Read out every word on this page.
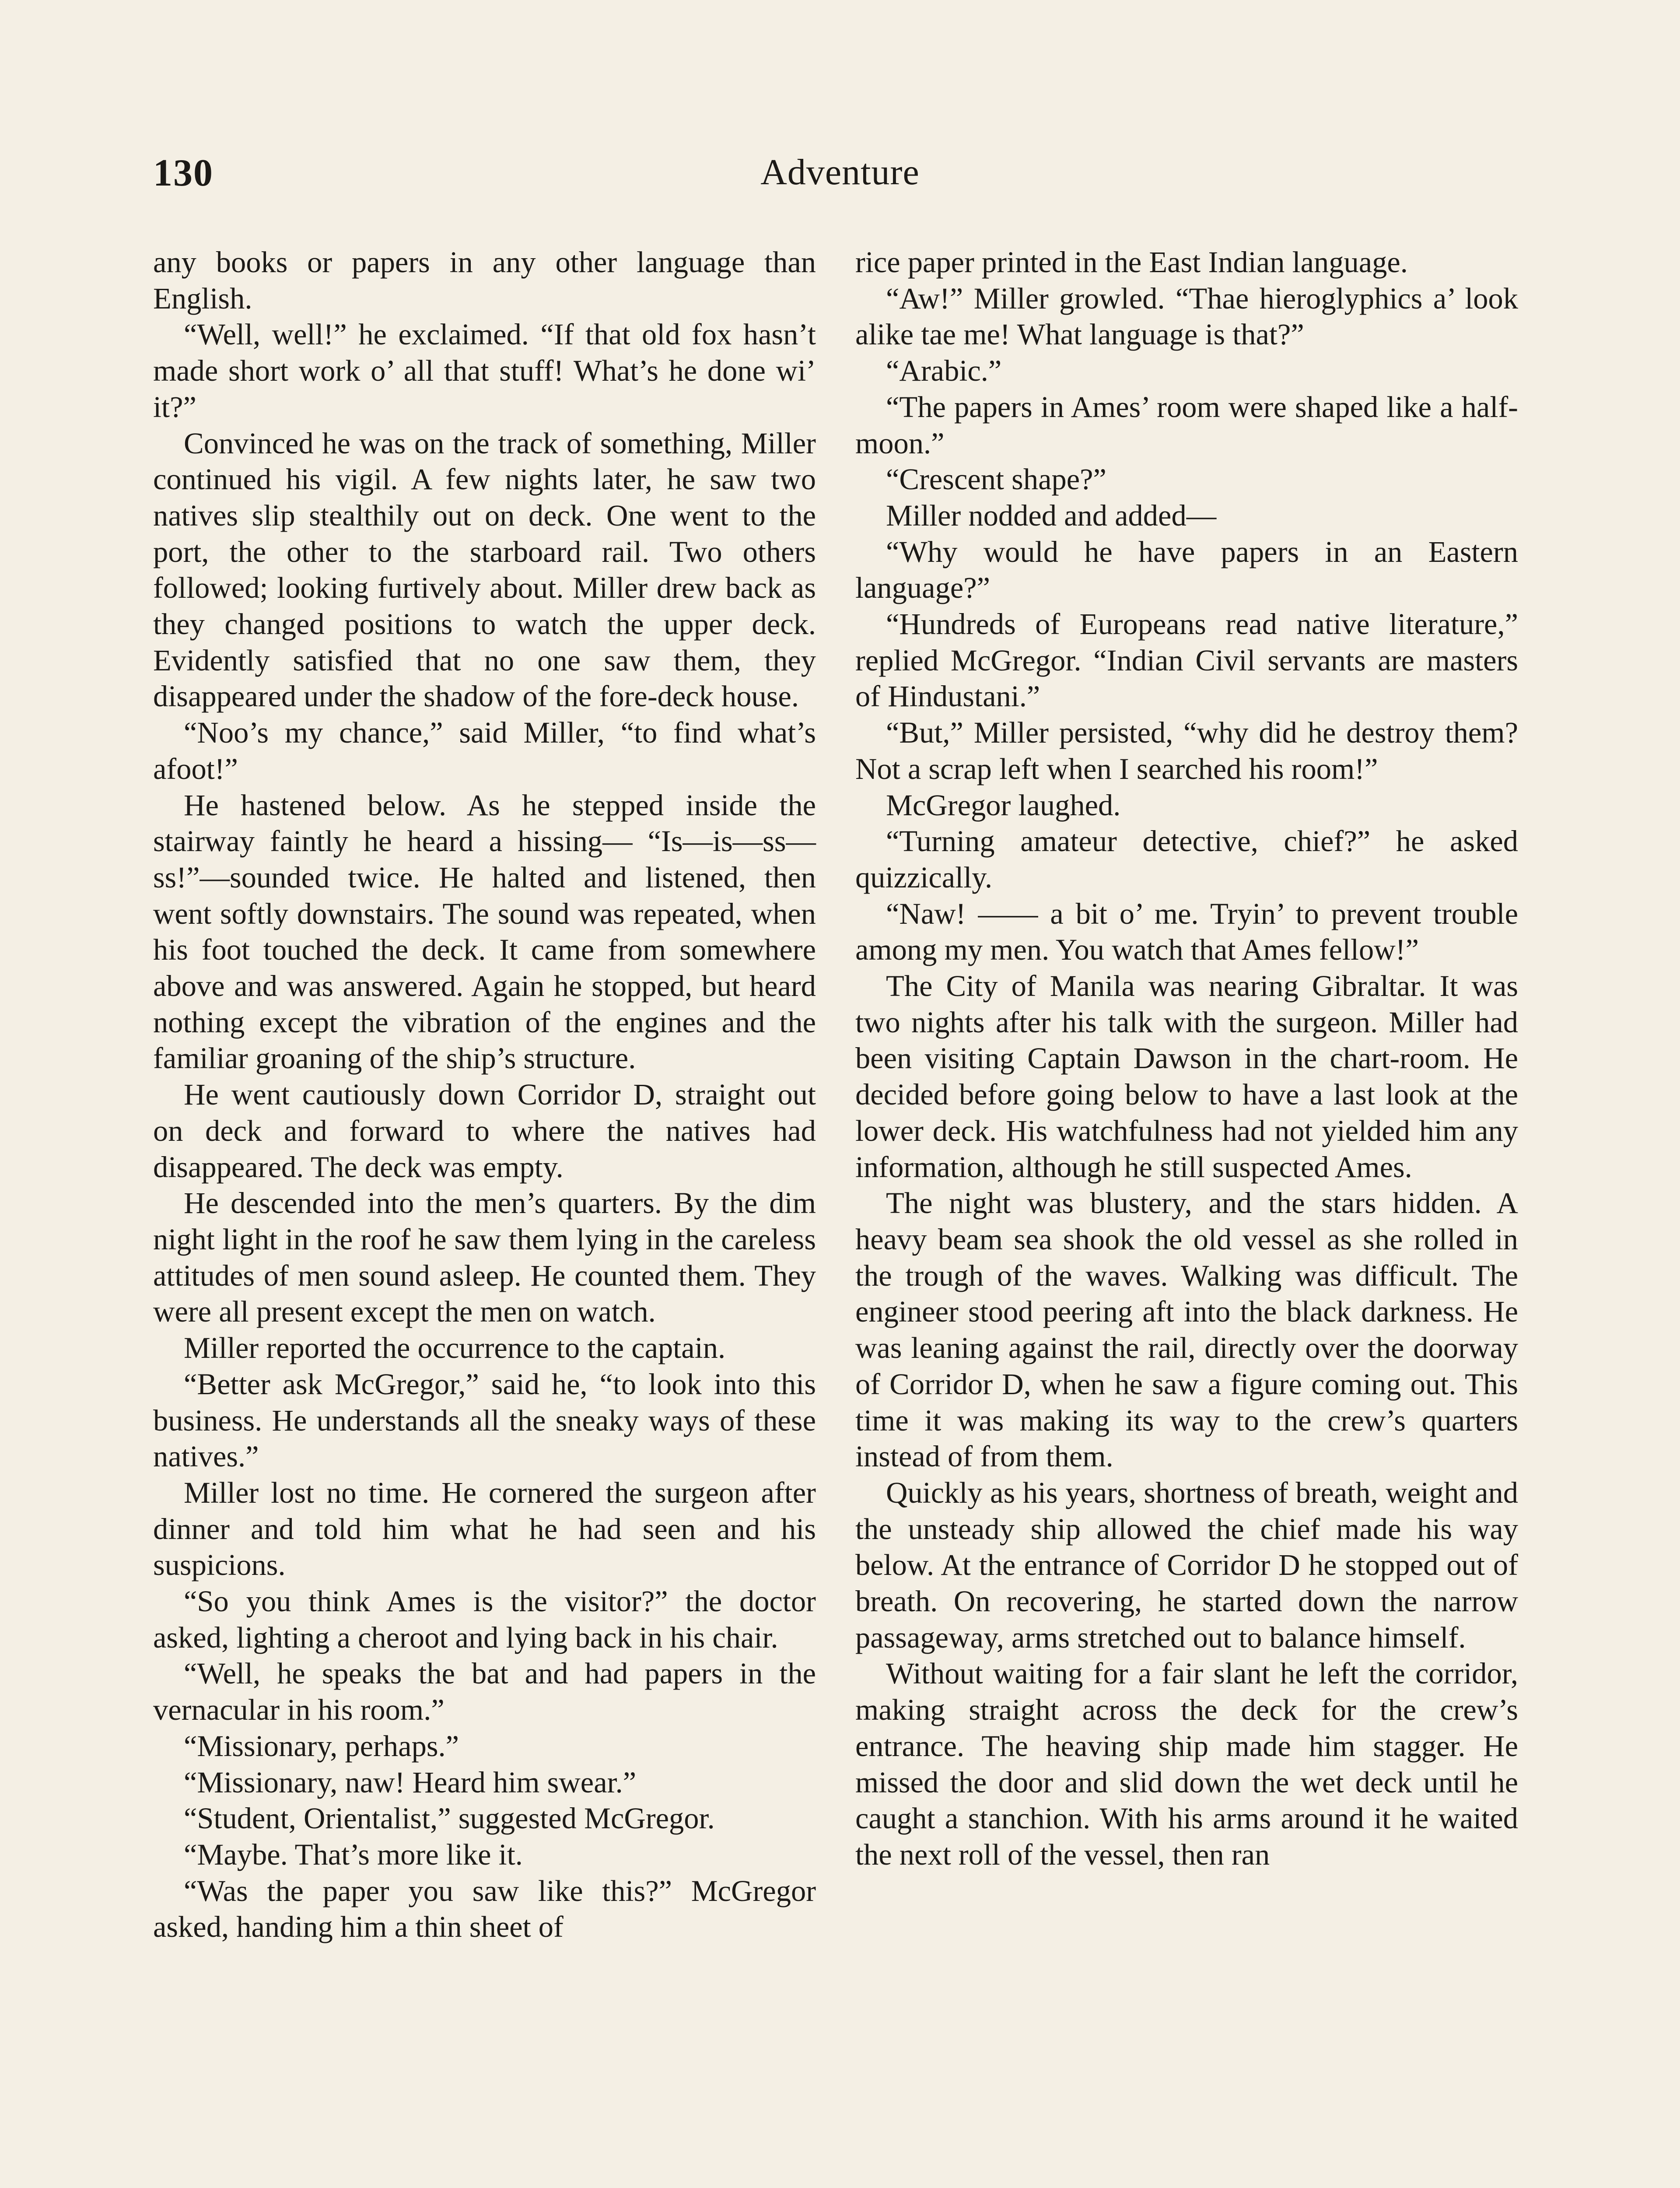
130	Adventure

any books or papers in any other language than English.

“Well, well!” he exclaimed. “If that old fox hasn’t made short work o’ all that stuff! What’s he done wi’ it?”

Convinced he was on the track of something, Miller continued his vigil. A few nights later, he saw two natives slip stealthily out on deck. One went to the port, the other to the starboard rail. Two others followed; looking furtively about. Miller drew back as they changed positions to watch the upper deck. Evidently satisfied that no one saw them, they disappeared under the shadow of the fore-deck house.

“Noo’s my chance,” said Miller, “to find what’s afoot!”

He hastened below. As he stepped inside the stairway faintly he heard a hissing— “Is—is—ss—ss!”—sounded twice. He halted and listened, then went softly downstairs. The sound was repeated, when his foot touched the deck. It came from somewhere above and was answered. Again he stopped, but heard nothing except the vibration of the engines and the familiar groaning of the ship’s structure.

He went cautiously down Corridor D, straight out on deck and forward to where the natives had disappeared. The deck was empty.

He descended into the men’s quarters. By the dim night light in the roof he saw them lying in the careless attitudes of men sound asleep. He counted them. They were all present except the men on watch.

Miller reported the occurrence to the captain.

“Better ask McGregor,” said he, “to look into this business. He understands all the sneaky ways of these natives.”

Miller lost no time. He cornered the surgeon after dinner and told him what he had seen and his suspicions.

“So you think Ames is the visitor?” the doctor asked, lighting a cheroot and lying back in his chair.

“Well, he speaks the bat and had papers in the vernacular in his room.”

“Missionary, perhaps.”

“Missionary, naw! Heard him swear.”

“Student, Orientalist,” suggested McGregor.

“Maybe. That’s more like it.

“Was the paper you saw like this?” McGregor asked, handing him a thin sheet of

rice paper printed in the East Indian language.

“Aw!” Miller growled. “Thae hieroglyphics a’ look alike tae me! What language is that?”

“Arabic.”

“The papers in Ames’ room were shaped like a half-moon.”

“Crescent shape?”

Miller nodded and added—

“Why would he have papers in an Eastern language?”

“Hundreds of Europeans read native literature,” replied McGregor. “Indian Civil servants are masters of Hindustani.”

“But,” Miller persisted, “why did he destroy them? Not a scrap left when I searched his room!”

McGregor laughed.

“Turning amateur detective, chief?” he asked quizzically.

“Naw! —— a bit o’ me. Tryin’ to prevent trouble among my men. You watch that Ames fellow!”

The City of Manila was nearing Gibraltar. It was two nights after his talk with the surgeon. Miller had been visiting Captain Dawson in the chart-room. He decided before going below to have a last look at the lower deck. His watchfulness had not yielded him any information, although he still suspected Ames.

The night was blustery, and the stars hidden. A heavy beam sea shook the old vessel as she rolled in the trough of the waves. Walking was difficult. The engineer stood peering aft into the black darkness. He was leaning against the rail, directly over the doorway of Corridor D, when he saw a figure coming out. This time it was making its way to the crew’s quarters instead of from them.

Quickly as his years, shortness of breath, weight and the unsteady ship allowed the chief made his way below. At the entrance of Corridor D he stopped out of breath. On recovering, he started down the narrow passageway, arms stretched out to balance himself.

Without waiting for a fair slant he left the corridor, making straight across the deck for the crew’s entrance. The heaving ship made him stagger. He missed the door and slid down the wet deck until he caught a stanchion. With his arms around it he waited the next roll of the vessel, then ran
